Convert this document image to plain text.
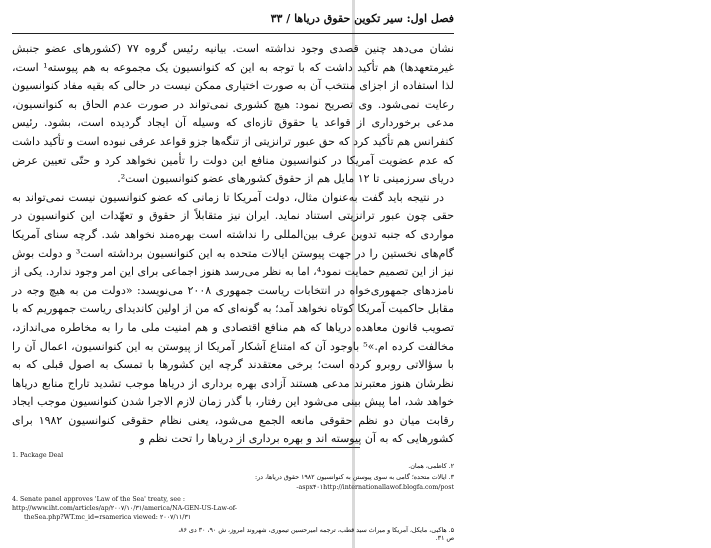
فصل اول: سیر تکوین حقوق دریاها / ۳۳

نشان می‌دهد چنین قصدی وجود نداشته است. بیانیه رئیس گروه ۷۷ (کشورهای عضو جنبش غیرمتعهدها) هم تأکید داشت که با توجه به این که کنوانسیون یک مجموعه به هم پیوسته¹ است، لذا استفاده از اجزای منتخب آن به صورت اختیاری ممکن نیست در حالی که بقیه مفاد کنوانسیون رعایت نمی‌شود. وی تصریح نمود: هیچ کشوری نمی‌تواند در صورت عدم الحاق به کنوانسیون، مدعی برخورداری از قواعد یا حقوق تازه‌ای که وسیله آن ایجاد گردیده است، بشود. رئیس کنفرانس هم تأکید کرد که حق عبور ترانزیتی از تنگه‌ها جزو قواعد عرفی نبوده است و تأکید داشت که عدم عضویت آمریکا در کنوانسیون منافع این دولت را تأمین نخواهد کرد و حتّی تعیین عرض دریای سرزمینی تا ۱۲ مایل هم از حقوق کشورهای عضو کنوانسیون است².

در نتیجه باید گفت به‌عنوان مثال، دولت آمریکا تا زمانی که عضو کنوانسیون نیست نمی‌تواند به حقی چون عبور ترانزیتی استناد نماید. ایران نیز متقابلاً از حقوق و تعهّدات این کنوانسیون در مواردی که جنبه تدوین عرف بین‌المللی را نداشته است بهره‌مند نخواهد شد. گرچه سنای آمریکا گام‌های نخستین را در جهت پیوستن ایالات متحده به این کنوانسیون برداشته است³ و دولت بوش نیز از این تصمیم حمایت نمود⁴، اما به نظر می‌رسد هنوز اجماعی برای این امر وجود ندارد. یکی از نامزدهای جمهوری‌خواه در انتخابات ریاست جمهوری ۲۰۰۸ می‌نویسد: «دولت من به هیچ وجه در مقابل حاکمیت آمریکا کوتاه نخواهد آمد؛ به گونه‌ای که من از اولین کاندیدای ریاست جمهوریم که با تصویب قانون معاهده دریاها که هم منافع اقتصادی و هم امنیت ملی ما را به مخاطره می‌اندازد، مخالفت کرده ام.»⁵ باوجود آن که امتناع آشکار آمریکا از پیوستن به این کنوانسیون، اعمال آن را با سؤالاتی روبرو کرده است؛ برخی معتقدند گرچه این کشورها با تمسک به اصول قبلی که به نظرشان هنوز معتبرند مدعی هستند آزادی بهره برداری از دریاها موجب تشدید تاراج منابع دریاها خواهد شد، اما پیش بینی می‌شود این رفتار، با گذر زمان لازم الاجرا شدن کنوانسیون موجب ایجاد رقابت میان دو نظم حقوقی مانعه الجمع می‌شود، یعنی نظام حقوقی کنوانسیون ۱۹۸۲ برای کشورهایی که به آن پیوسته اند و بهره برداری از دریاها را تحت نظم و

1. Package Deal
۲. کاظمی، همان.
۳. ایالات متحده؛ گامی به سوی پیوستن به کنوانسیون ۱۹۸۲ حقوق دریاها، در:
aspx۴۰۱http://internationallawof.blogfa.com/post-
4. Senate panel approves 'Law of the Sea' treaty, see :
http://www.iht.com/articles/ap/۲۰۰۷/۱۰/۳۱/america/NA-GEN-US-Law-of-
theSea.php?WT.mc_id=rsamerica viewed: ۲۰۰۷/۱۱/۳۱
۵. هاکبی، مایکل، آمریکا و میراث سید قطب، ترجمه امیرحسین تیموری، شهروند امروز، ش ۹۰، ۳۰ دی ۸۶، ص ۳۱.
